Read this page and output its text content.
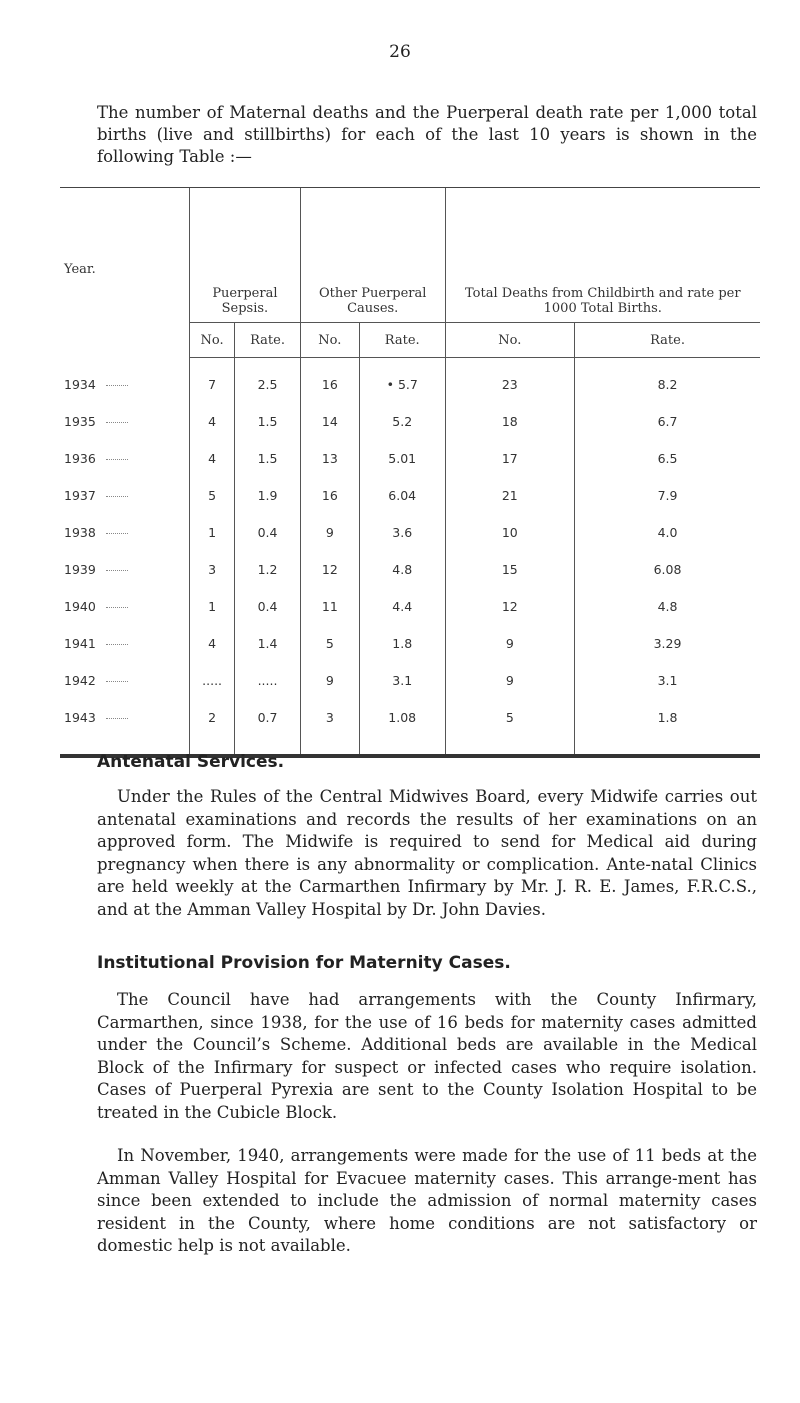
26
The number of Maternal deaths and the Puerperal death rate per 1,000 total births (live and stillbirths) for each of the last 10 years is shown in the following Table :—
Year.	Puerperal Sepsis.		Other Puerperal Causes.		Total Deaths from Childbirth and rate per 1000 Total Births.	
	No.	Rate.	No.	Rate.	No.	Rate.
1934	7	2.5	16	• 5.7	23	8.2
1935	4	1.5	14	5.2	18	6.7
1936	4	1.5	13	5.01	17	6.5
1937	5	1.9	16	6.04	21	7.9
1938	1	0.4	9	3.6	10	4.0
1939	3	1.2	12	4.8	15	6.08
1940	1	0.4	11	4.4	12	4.8
1941	4	1.4	5	1.8	9	3.29
1942	.....	.....	9	3.1	9	3.1
1943	2	0.7	3	1.08	5	1.8
Antenatal Services.
Under the Rules of the Central Midwives Board, every Midwife carries out antenatal examinations and records the results of her examinations on an approved form. The Midwife is required to send for Medical aid during pregnancy when there is any abnormality or complication. Ante-natal Clinics are held weekly at the Carmarthen Infirmary by Mr. J. R. E. James, F.R.C.S., and at the Amman Valley Hospital by Dr. John Davies.
Institutional Provision for Maternity Cases.
The Council have had arrangements with the County Infirmary, Carmarthen, since 1938, for the use of 16 beds for maternity cases admitted under the Council’s Scheme. Additional beds are available in the Medical Block of the Infirmary for suspect or infected cases who require isolation. Cases of Puerperal Pyrexia are sent to the County Isolation Hospital to be treated in the Cubicle Block.
In November, 1940, arrangements were made for the use of 11 beds at the Amman Valley Hospital for Evacuee maternity cases. This arrange-ment has since been extended to include the admission of normal maternity cases resident in the County, where home conditions are not satisfactory or domestic help is not available.
